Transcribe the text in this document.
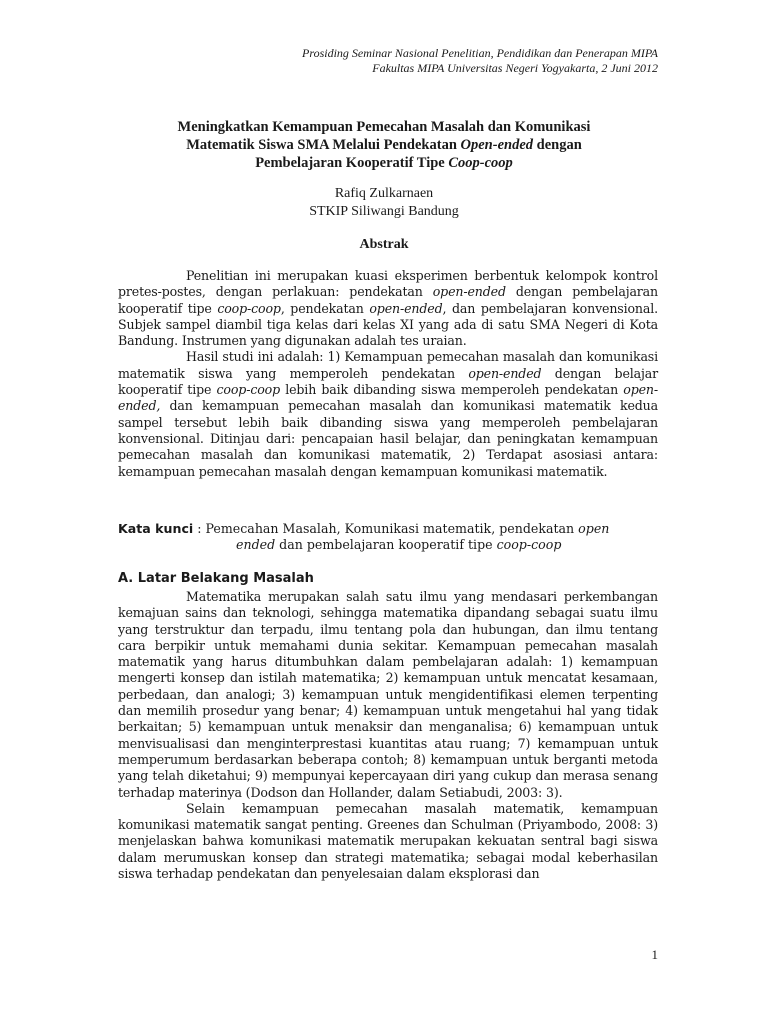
Prosiding Seminar Nasional Penelitian, Pendidikan dan Penerapan MIPA
Fakultas MIPA Universitas Negeri Yogyakarta, 2 Juni 2012
Meningkatkan Kemampuan Pemecahan Masalah dan Komunikasi
Matematik Siswa SMA Melalui Pendekatan Open-ended dengan
Pembelajaran Kooperatif Tipe Coop-coop
Rafiq Zulkarnaen
STKIP Siliwangi Bandung
Abstrak

Penelitian ini merupakan kuasi eksperimen berbentuk kelompok kontrol pretes-postes, dengan perlakuan: pendekatan open-ended dengan pembelajaran kooperatif tipe coop-coop, pendekatan open-ended, dan pembelajaran konvensional. Subjek sampel diambil tiga kelas dari kelas XI yang ada di satu SMA Negeri di Kota Bandung. Instrumen yang digunakan adalah tes uraian.

Hasil studi ini adalah: 1) Kemampuan pemecahan masalah dan komunikasi matematik siswa yang memperoleh pendekatan open-ended dengan belajar kooperatif tipe coop-coop lebih baik dibanding siswa memperoleh pendekatan open-ended, dan kemampuan pemecahan masalah dan komunikasi matematik kedua sampel tersebut lebih baik dibanding siswa yang memperoleh pembelajaran konvensional. Ditinjau dari: pencapaian hasil belajar, dan peningkatan kemampuan pemecahan masalah dan komunikasi matematik, 2) Terdapat asosiasi antara: kemampuan pemecahan masalah dengan kemampuan komunikasi matematik.

Kata kunci : Pemecahan Masalah, Komunikasi matematik, pendekatan open
ended dan pembelajaran kooperatif tipe coop-coop
A. Latar Belakang Masalah

Matematika merupakan salah satu ilmu yang mendasari perkembangan kemajuan sains dan teknologi, sehingga matematika dipandang sebagai suatu ilmu yang terstruktur dan terpadu, ilmu tentang pola dan hubungan, dan ilmu tentang cara berpikir untuk memahami dunia sekitar. Kemampuan pemecahan masalah matematik yang harus ditumbuhkan dalam pembelajaran adalah: 1) kemampuan mengerti konsep dan istilah matematika; 2) kemampuan untuk mencatat kesamaan, perbedaan, dan analogi; 3) kemampuan untuk mengidentifikasi elemen terpenting dan memilih prosedur yang benar; 4) kemampuan untuk mengetahui hal yang tidak berkaitan; 5) kemampuan untuk menaksir dan menganalisa; 6) kemampuan untuk menvisualisasi dan menginterprestasi kuantitas atau ruang; 7) kemampuan untuk memperumum berdasarkan beberapa contoh; 8) kemampuan untuk berganti metoda yang telah diketahui; 9) mempunyai kepercayaan diri yang cukup dan merasa senang terhadap materinya (Dodson dan Hollander, dalam Setiabudi, 2003: 3).

Selain kemampuan pemecahan masalah matematik, kemampuan komunikasi matematik sangat penting. Greenes dan Schulman (Priyambodo, 2008: 3) menjelaskan bahwa komunikasi matematik merupakan kekuatan sentral bagi siswa dalam merumuskan konsep dan strategi matematika; sebagai modal keberhasilan siswa terhadap pendekatan dan penyelesaian dalam eksplorasi dan

1
